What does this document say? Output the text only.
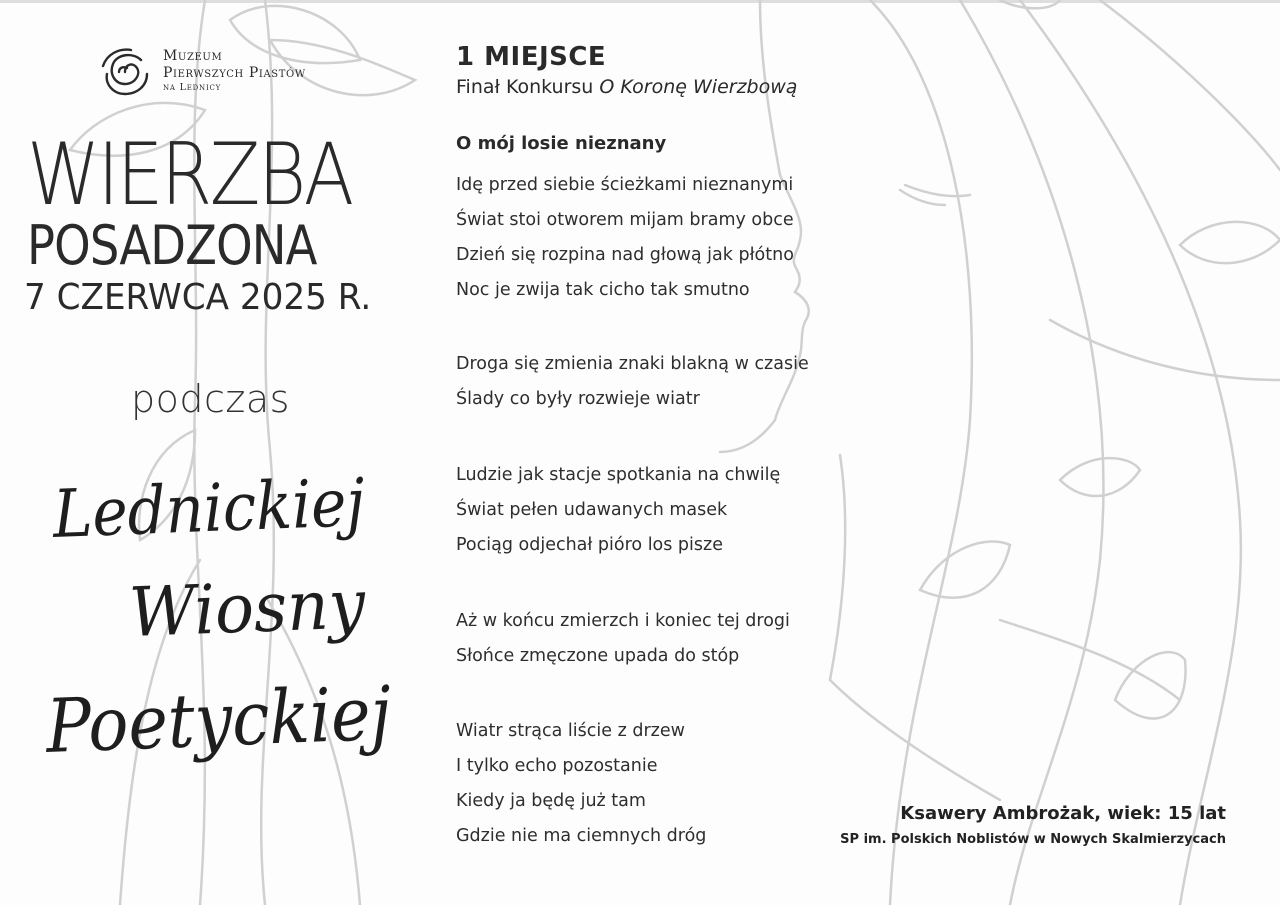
Muzeum
Pierwszych Piastów
na Lednicy
WIERZBA
POSADZONA
7 CZERWCA 2025 R.
podczas
Lednickiej
Wiosny
Poetyckiej
1 MIEJSCE
Finał Konkursu O Koronę Wierzbową
O mój losie nieznany
Idę przed siebie ścieżkami nieznanymi
Świat stoi otworem mijam bramy obce
Dzień się rozpina nad głową jak płótno
Noc je zwija tak cicho tak smutno
Droga się zmienia znaki blakną w czasie
Ślady co były rozwieje wiatr
Ludzie jak stacje spotkania na chwilę
Świat pełen udawanych masek
Pociąg odjechał pióro los pisze
Aż w końcu zmierzch i koniec tej drogi
Słońce zmęczone upada do stóp
Wiatr strąca liście z drzew
I tylko echo pozostanie
Kiedy ja będę już tam
Gdzie nie ma ciemnych dróg
Ksawery Ambrożak, wiek: 15 lat
SP im. Polskich Noblistów w Nowych Skalmierzycach
